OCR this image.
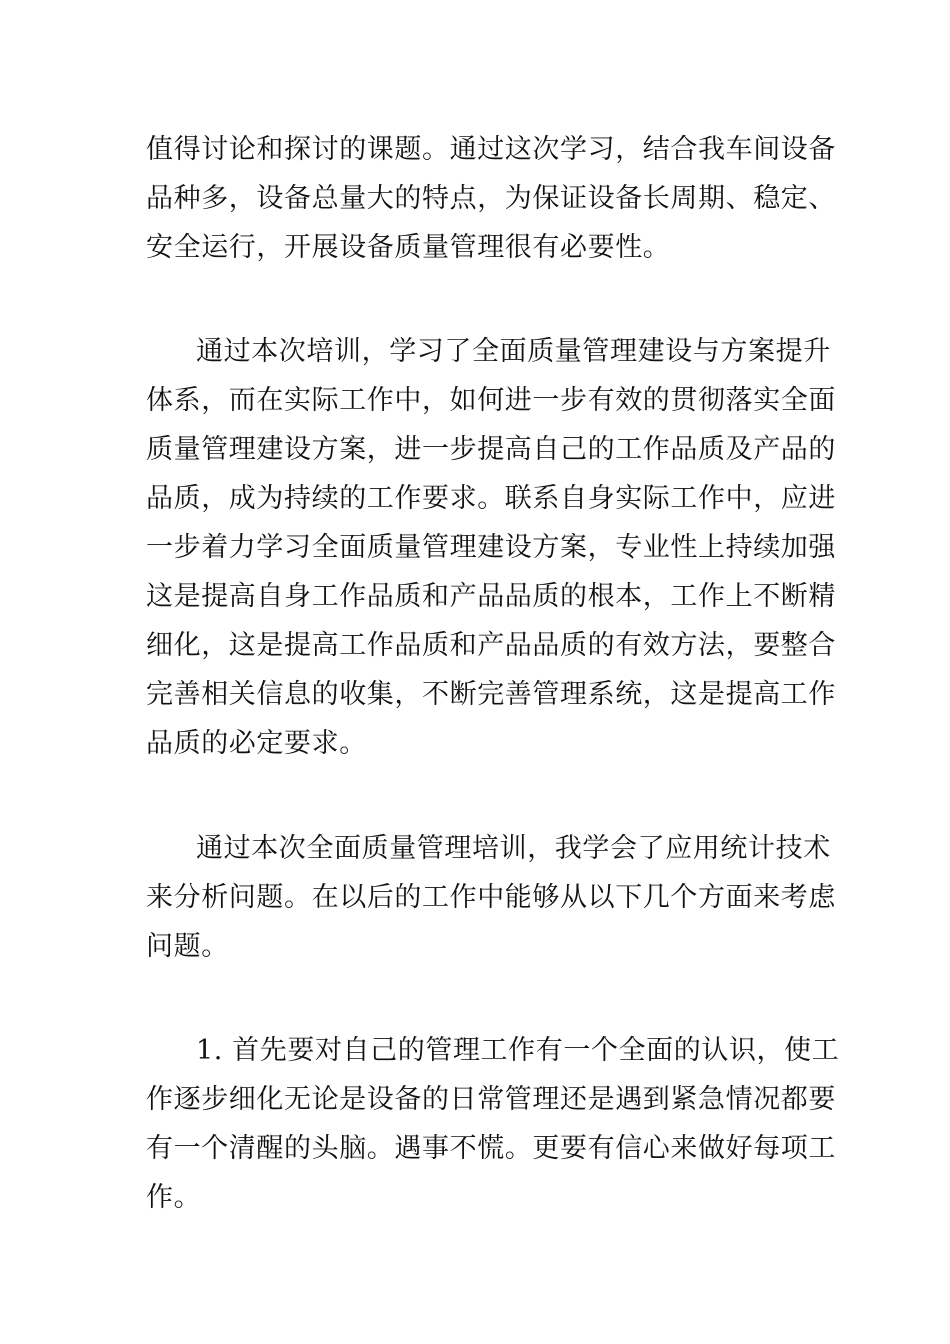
值得讨论和探讨的课题。通过这次学习，结合我车间设备
品种多，设备总量大的特点，为保证设备长周期、稳定、
安全运行，开展设备质量管理很有必要性。
通过本次培训，学习了全面质量管理建设与方案提升
体系，而在实际工作中，如何进一步有效的贯彻落实全面
质量管理建设方案，进一步提高自己的工作品质及产品的
品质，成为持续的工作要求。联系自身实际工作中，应进
一步着力学习全面质量管理建设方案，专业性上持续加强
这是提高自身工作品质和产品品质的根本，工作上不断精
细化，这是提高工作品质和产品品质的有效方法，要整合
完善相关信息的收集，不断完善管理系统，这是提高工作
品质的必定要求。
通过本次全面质量管理培训，我学会了应用统计技术
来分析问题。在以后的工作中能够从以下几个方面来考虑
问题。
1. 首先要对自己的管理工作有一个全面的认识，使工
作逐步细化无论是设备的日常管理还是遇到紧急情况都要
有一个清醒的头脑。遇事不慌。更要有信心来做好每项工
作。
